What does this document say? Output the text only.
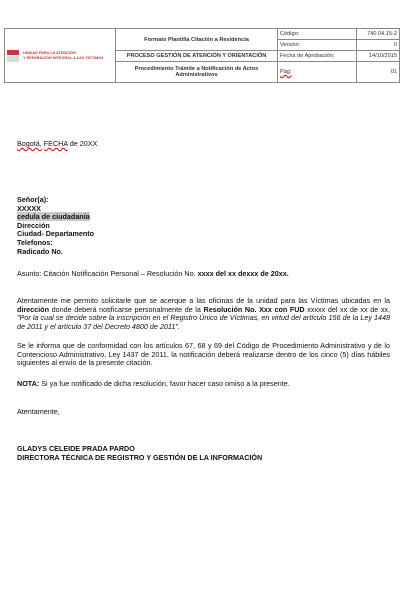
UNIDAD PARA LA ATENCIÓN
Y REPARACIÓN INTEGRAL A LAS VÍCTIMAS	Formato Plantilla Citación a Residencia	Código:	740.04.15-2
		Versión:	0
	PROCESO GESTIÓN DE ATENCIÓN Y ORIENTACIÓN	Fecha de Aprobación:	14/10/2015
	Procedimiento Trámite a Notificación de Actos Administrativos	Pág:	01
Bogotá, FECHA de 20XX
Señor(a):
XXXXX
cedula de ciudadanía
Dirección
Ciudad- Departamento
Telefonos:
Radicado No.
Asunto: Citación Notificación Personal – Resolución No. xxxx del xx dexxx de 20xx.
Atentamente me permito solicitarle que se acerque a las oficinas de la unidad para las Víctimas ubicadas en la dirección donde deberá notificarse personalmente de la Resolución No. Xxx con FUD xxxxx del xx de xx de xx, "Por la cual se decide sobre la inscripción en el Registro Único de Víctimas, en virtud del artículo 156 de la Ley 1448 de 2011 y el artículo 37 del Decreto 4800 de 2011".
Se le informa que de conformidad con los artículos 67, 68 y 69 del Código de Procedimiento Administrativo y de lo Contencioso Administrativo, Ley 1437 de 2011, la notificación deberá realizarse dentro de los cinco (5) días hábiles siguientes al envío de la presente citación.
NOTA: Si ya fue notificado de dicha resolución, favor hacer caso omiso a la presente.
Atentamente,
GLADYS CELEIDE PRADA PARDO
DIRECTORA TÉCNICA DE REGISTRO Y GESTIÓN DE LA INFORMACIÓN
